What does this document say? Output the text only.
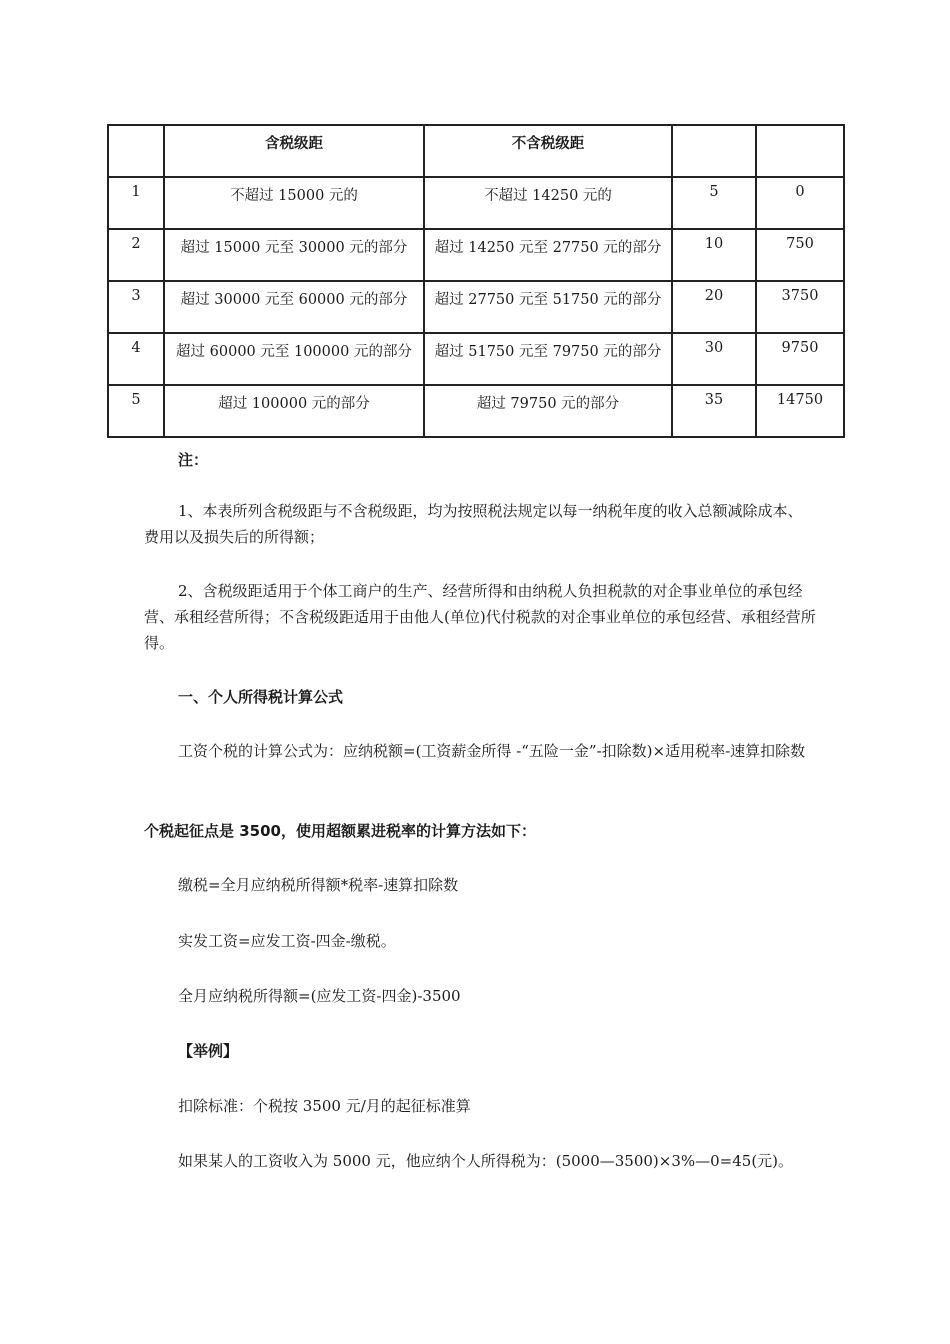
	含税级距	不含税级距		
1	不超过 15000 元的	不超过 14250 元的	5	0
2	超过 15000 元至 30000 元的部分	超过 14250 元至 27750 元的部分	10	750
3	超过 30000 元至 60000 元的部分	超过 27750 元至 51750 元的部分	20	3750
4	超过 60000 元至 100000 元的部分	超过 51750 元至 79750 元的部分	30	9750
5	超过 100000 元的部分	超过 79750 元的部分	35	14750

注：

1、本表所列含税级距与不含税级距，均为按照税法规定以每一纳税年度的收入总额减除成本、费用以及损失后的所得额；

2、含税级距适用于个体工商户的生产、经营所得和由纳税人负担税款的对企事业单位的承包经营、承租经营所得；不含税级距适用于由他人(单位)代付税款的对企事业单位的承包经营、承租经营所得。

一、个人所得税计算公式

工资个税的计算公式为：应纳税额=(工资薪金所得 -“五险一金”-扣除数)×适用税率-速算扣除数

个税起征点是 3500，使用超额累进税率的计算方法如下：

缴税=全月应纳税所得额*税率-速算扣除数

实发工资=应发工资-四金-缴税。

全月应纳税所得额=(应发工资-四金)-3500

【举例】

扣除标准：个税按 3500 元/月的起征标准算

如果某人的工资收入为 5000 元，他应纳个人所得税为：(5000—3500)×3%—0=45(元)。
